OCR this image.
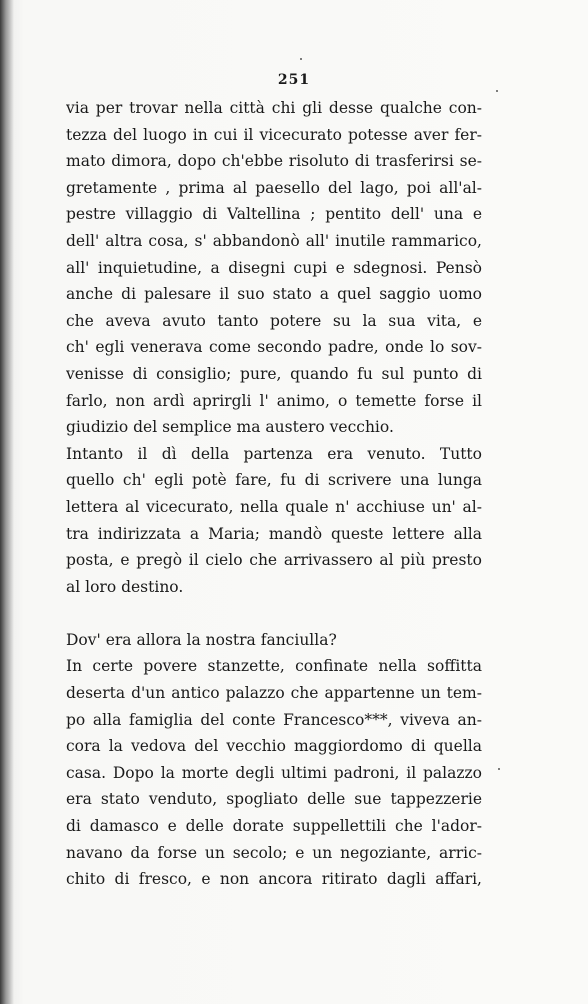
251
via per trovar nella città chi gli desse qualche con-
tezza del luogo in cui il vicecurato potesse aver fer-
mato dimora, dopo ch'ebbe risoluto di trasferirsi se-
gretamente , prima al paesello del lago, poi all'al-
pestre villaggio di Valtellina ; pentito dell' una e
dell' altra cosa, s' abbandonò all' inutile rammarico,
all' inquietudine, a disegni cupi e sdegnosi. Pensò
anche di palesare il suo stato a quel saggio uomo
che aveva avuto tanto potere su la sua vita, e
ch' egli venerava come secondo padre, onde lo sov-
venisse di consiglio; pure, quando fu sul punto di
farlo, non ardì aprirgli l' animo, o temette forse il
giudizio del semplice ma austero vecchio.
Intanto il dì della partenza era venuto. Tutto
quello ch' egli potè fare, fu di scrivere una lunga
lettera al vicecurato, nella quale n' acchiuse un' al-
tra indirizzata a Maria; mandò queste lettere alla
posta, e pregò il cielo che arrivassero al più presto
al loro destino.
Dov' era allora la nostra fanciulla?
In certe povere stanzette, confinate nella soffitta
deserta d'un antico palazzo che appartenne un tem-
po alla famiglia del conte Francesco***, viveva an-
cora la vedova del vecchio maggiordomo di quella
casa. Dopo la morte degli ultimi padroni, il palazzo
era stato venduto, spogliato delle sue tappezzerie
di damasco e delle dorate suppellettili che l'ador-
navano da forse un secolo; e un negoziante, arric-
chito di fresco, e non ancora ritirato dagli affari,
